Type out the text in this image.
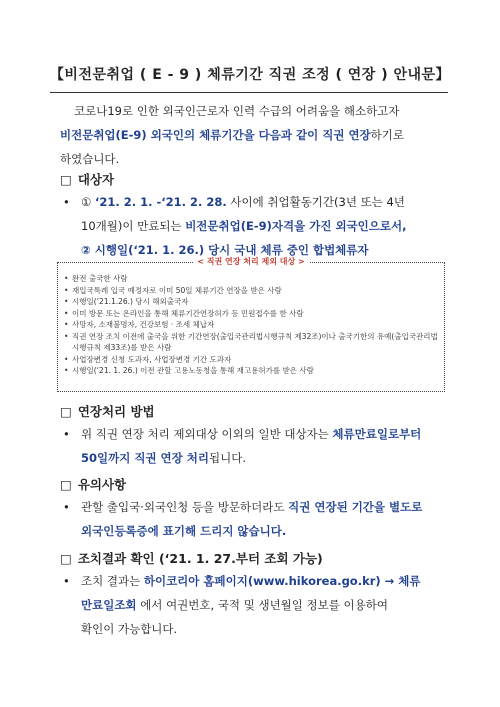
【비전문취업 ( E - 9 ) 체류기간 직권 조정 ( 연장 ) 안내문】
코로나19로 인한 외국인근로자 인력 수급의 어려움을 해소하고자
비전문취업(E-9) 외국인의 체류기간을 다음과 같이 직권 연장하기로
하였습니다.
□ 대상자
• ① ‘21. 2. 1. -‘21. 2. 28. 사이에 취업활동기간(3년 또는 4년
10개월)이 만료되는 비전문취업(E-9)자격을 가진 외국인으로서,
② 시행일(‘21. 1. 26.) 당시 국내 체류 중인 합법체류자
< 직권 연장 처리 제외 대상 >
• 완전 출국한 사람
• 재입국특례 입국 예정자로 이미 50일 체류기간 연장을 받은 사람
• 시행일(‘21.1.26.) 당시 해외출국자
• 이미 방문 또는 온라인을 통해 체류기간연장허가 등 민원접수를 한 사람
• 사망자, 소재불명자, 건강보험 · 조세 체납자
• 직권 연장 조치 이전에 출국을 위한 기간연장(출입국관리법시행규칙 제32조)이나 출국기한의 유예(출입국관리법시행규칙 제33조)를 받은 사람
• 사업장변경 신청 도과자, 사업장변경 기간 도과자
• 시행일(‘21. 1. 26.) 이전 관할 고용노동청을 통해 재고용허가를 받은 사람
□ 연장처리 방법
• 위 직권 연장 처리 제외대상 이외의 일반 대상자는 체류만료일로부터
50일까지 직권 연장 처리됩니다.
□ 유의사항
• 관할 출입국·외국인청 등을 방문하더라도 직권 연장된 기간을 별도로
외국인등록증에 표기해 드리지 않습니다.
□ 조치결과 확인 (‘21. 1. 27.부터 조회 가능)
• 조치 결과는 하이코리아 홈페이지(www.hikorea.go.kr) → 체류
만료일조회 에서 여권번호, 국적 및 생년월일 정보를 이용하여
확인이 가능합니다.
